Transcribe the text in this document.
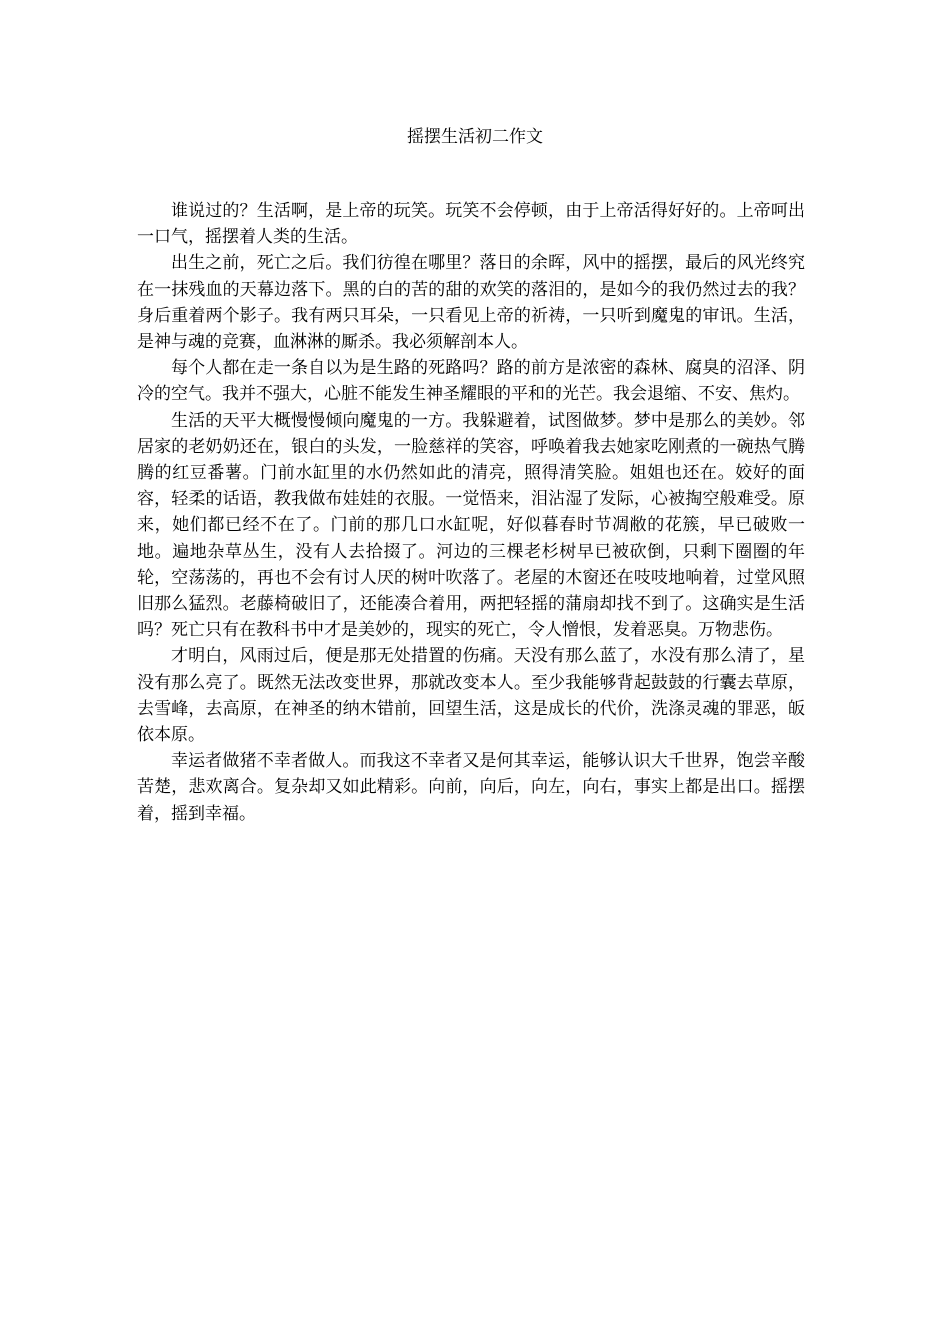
摇摆生活初二作文

谁说过的？生活啊，是上帝的玩笑。玩笑不会停顿，由于上帝活得好好的。上帝呵出一口气，摇摆着人类的生活。

出生之前，死亡之后。我们彷徨在哪里？落日的余晖，风中的摇摆，最后的风光终究在一抹残血的天幕边落下。黑的白的苦的甜的欢笑的落泪的，是如今的我仍然过去的我？身后重着两个影子。我有两只耳朵，一只看见上帝的祈祷，一只听到魔鬼的审讯。生活，是神与魂的竞赛，血淋淋的厮杀。我必须解剖本人。

每个人都在走一条自以为是生路的死路吗？路的前方是浓密的森林、腐臭的沼泽、阴冷的空气。我并不强大，心脏不能发生神圣耀眼的平和的光芒。我会退缩、不安、焦灼。

生活的天平大概慢慢倾向魔鬼的一方。我躲避着，试图做梦。梦中是那么的美妙。邻居家的老奶奶还在，银白的头发，一脸慈祥的笑容，呼唤着我去她家吃刚煮的一碗热气腾腾的红豆番薯。门前水缸里的水仍然如此的清亮，照得清笑脸。姐姐也还在。姣好的面容，轻柔的话语，教我做布娃娃的衣服。一觉悟来，泪沾湿了发际，心被掏空般难受。原来，她们都已经不在了。门前的那几口水缸呢，好似暮春时节凋敝的花簇，早已破败一地。遍地杂草丛生，没有人去拾掇了。河边的三棵老杉树早已被砍倒，只剩下圈圈的年轮，空荡荡的，再也不会有讨人厌的树叶吹落了。老屋的木窗还在吱吱地响着，过堂风照旧那么猛烈。老藤椅破旧了，还能凑合着用，两把轻摇的蒲扇却找不到了。这确实是生活吗？死亡只有在教科书中才是美妙的，现实的死亡，令人憎恨，发着恶臭。万物悲伤。

才明白，风雨过后，便是那无处措置的伤痛。天没有那么蓝了，水没有那么清了，星没有那么亮了。既然无法改变世界，那就改变本人。至少我能够背起鼓鼓的行囊去草原，去雪峰，去高原，在神圣的纳木错前，回望生活，这是成长的代价，洗涤灵魂的罪恶，皈依本原。

幸运者做猪不幸者做人。而我这不幸者又是何其幸运，能够认识大千世界，饱尝辛酸苦楚，悲欢离合。复杂却又如此精彩。向前，向后，向左，向右，事实上都是出口。摇摆着，摇到幸福。
